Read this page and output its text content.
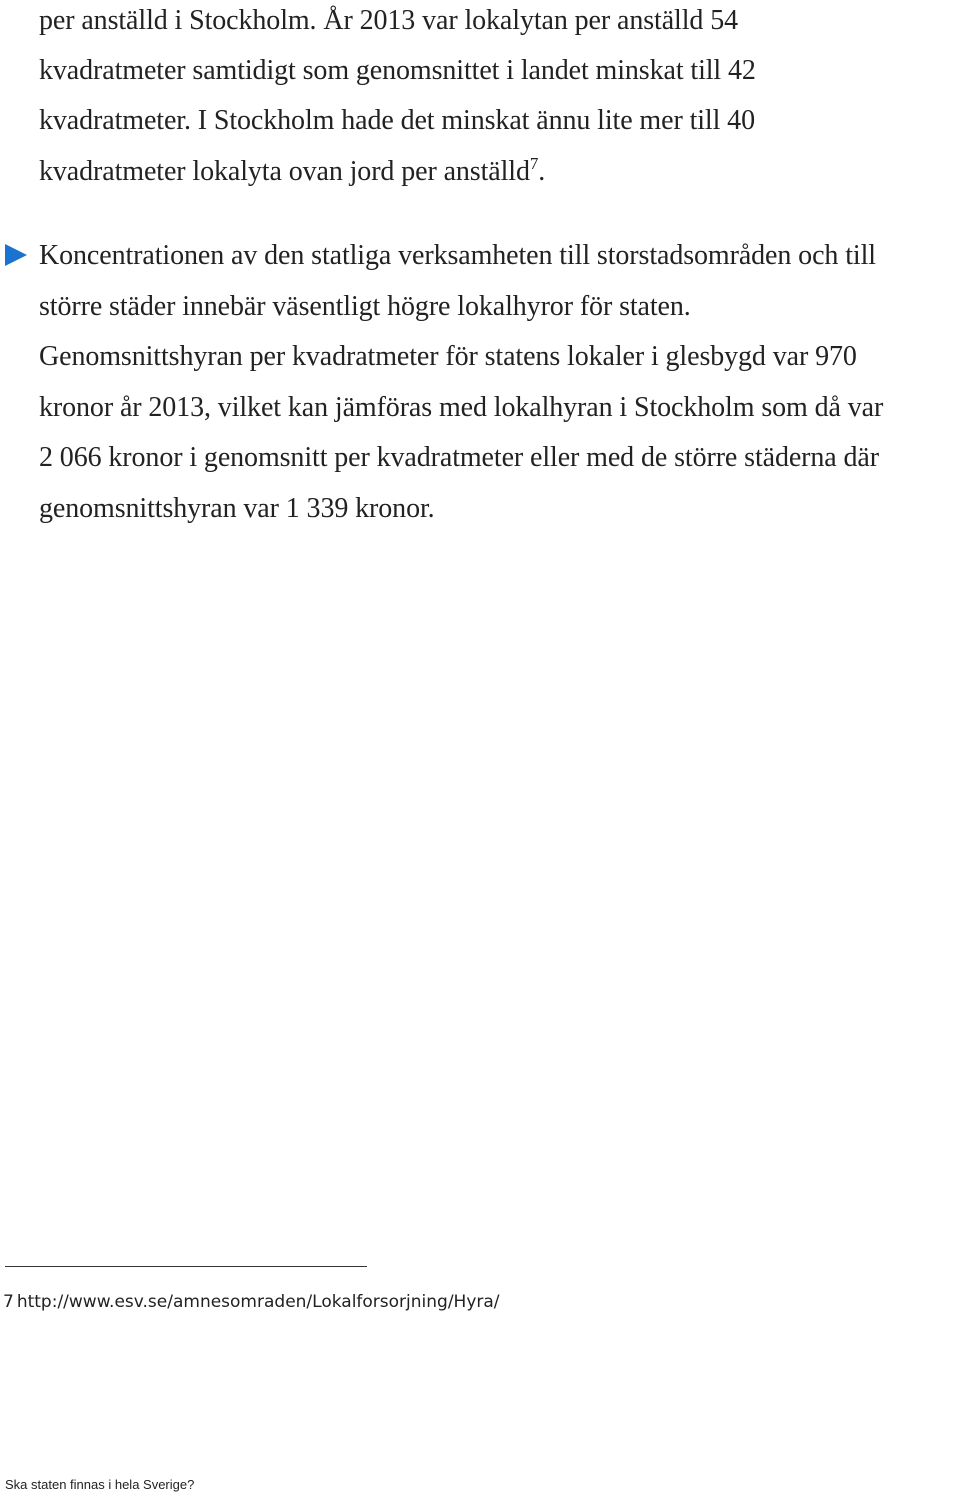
per anställd i Stockholm. År 2013 var lokalytan per anställd 54
kvadratmeter samtidigt som genomsnittet i landet minskat till 42
kvadratmeter. I Stockholm hade det minskat ännu lite mer till 40
kvadratmeter lokalyta ovan jord per anställd$^7$.
Koncentrationen av den statliga verksamheten till storstadsområden och till
större städer innebär väsentligt högre lokalhyror för staten.
Genomsnittshyran per kvadratmeter för statens lokaler i glesbygd var 970
kronor år 2013, vilket kan jämföras med lokalhyran i Stockholm som då var
2 066 kronor i genomsnitt per kvadratmeter eller med de större städerna där
genomsnittshyran var 1 339 kronor.
7 http://www.esv.se/amnesomraden/Lokalforsorjning/Hyra/
Ska staten finnas i hela Sverige?
